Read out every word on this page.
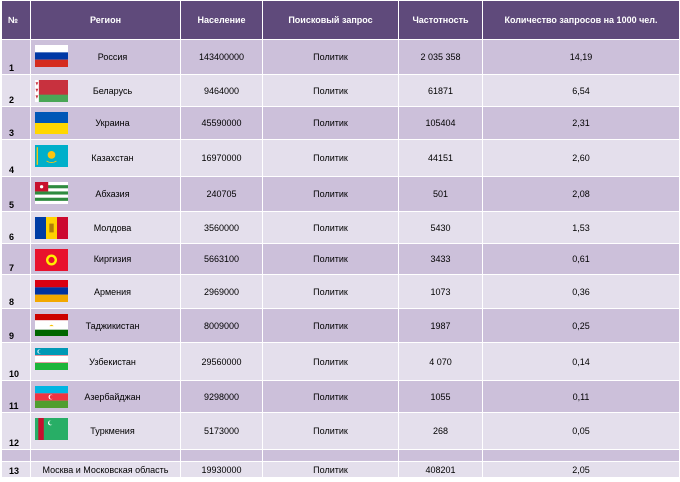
№	Регион	Население	Поисковый запрос	Частотность	Количество запросов на 1000 чел.
1	Россия	143400000	Политик	2 035 358	14,19
2	Беларусь	9464000	Политик	61871	6,54
3	Украина	45590000	Политик	105404	2,31
4	Казахстан	16970000	Политик	44151	2,60
5	Абхазия	240705	Политик	501	2,08
6	Молдова	3560000	Политик	5430	1,53
7	Киргизия	5663100	Политик	3433	0,61
8	Армения	2969000	Политик	1073	0,36
9	Таджикистан	8009000	Политик	1987	0,25
10	Узбекистан	29560000	Политик	4 070	0,14
11	Азербайджан	9298000	Политик	1055	0,11
12	Туркмения	5173000	Политик	268	0,05

13	Москва и Московская область	19930000	Политик	408201	2,05
